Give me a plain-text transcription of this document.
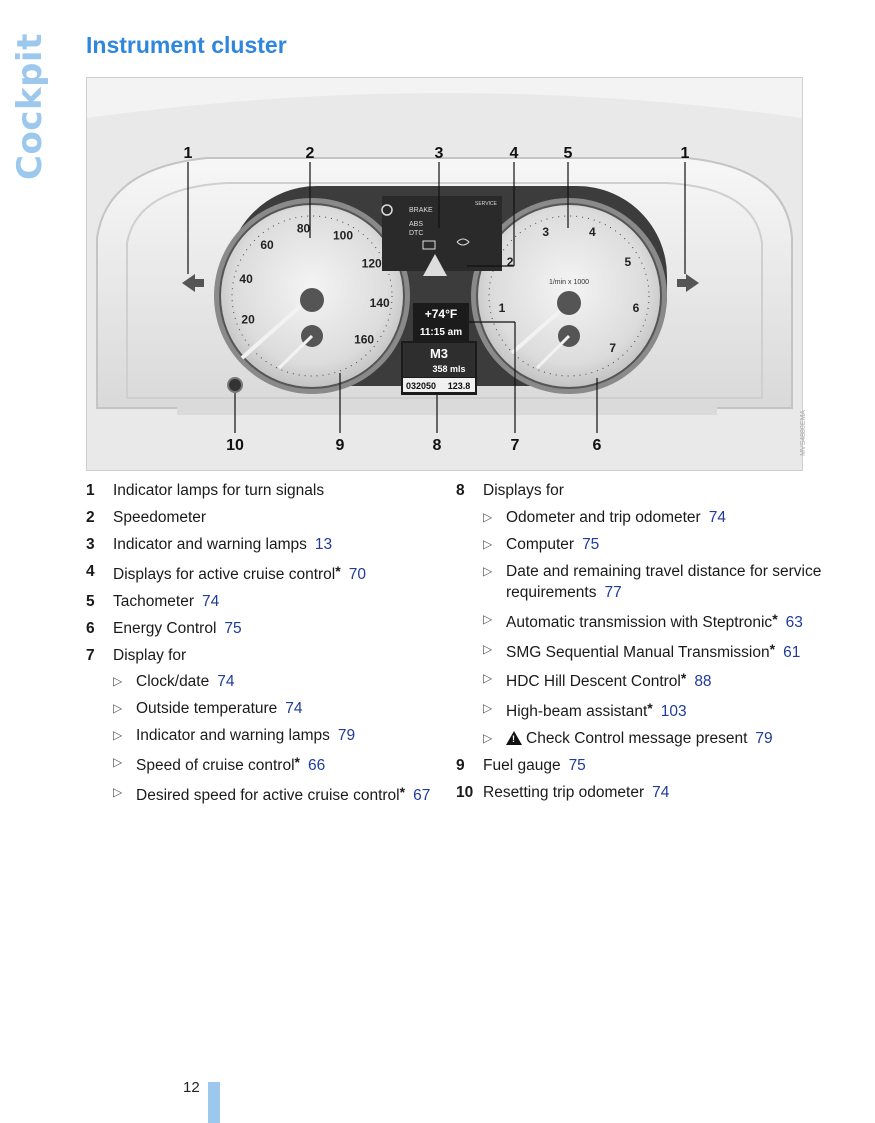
Cockpit Instrument cluster
20
40
60
80 100
120
140
160
1
2
3	4
5
6
7
1/min x 1000
BRAKE
ABS
DTC
SERVICE
+74°F
11:15 am
M3
358 mls
032050 123.8
1	2	3	4	5	1
10	9	8	7	6	MVS4880EMA
1 Indicator lamps for turn signals
2 Speedometer
3 Indicator and warning lamps 13
4 Displays for active cruise control* 70
5 Tachometer 74
6 Energy Control 75
7 Display for
▷ Clock/date 74
▷ Outside temperature 74
▷ Indicator and warning lamps 79
▷ Speed of cruise control* 66
▷ Desired speed for active cruise control* 67
8 Displays for
▷ Odometer and trip odometer 74
▷ Computer 75
▷ Date and remaining travel distance for service requirements 77
▷ Automatic transmission with Steptronic* 63
▷ SMG Sequential Manual Transmission* 61
▷ HDC Hill Descent Control* 88
▷ High-beam assistant* 103
▷
! Check Control message present 79
9 Fuel gauge 75
10 Resetting trip odometer 74
12
